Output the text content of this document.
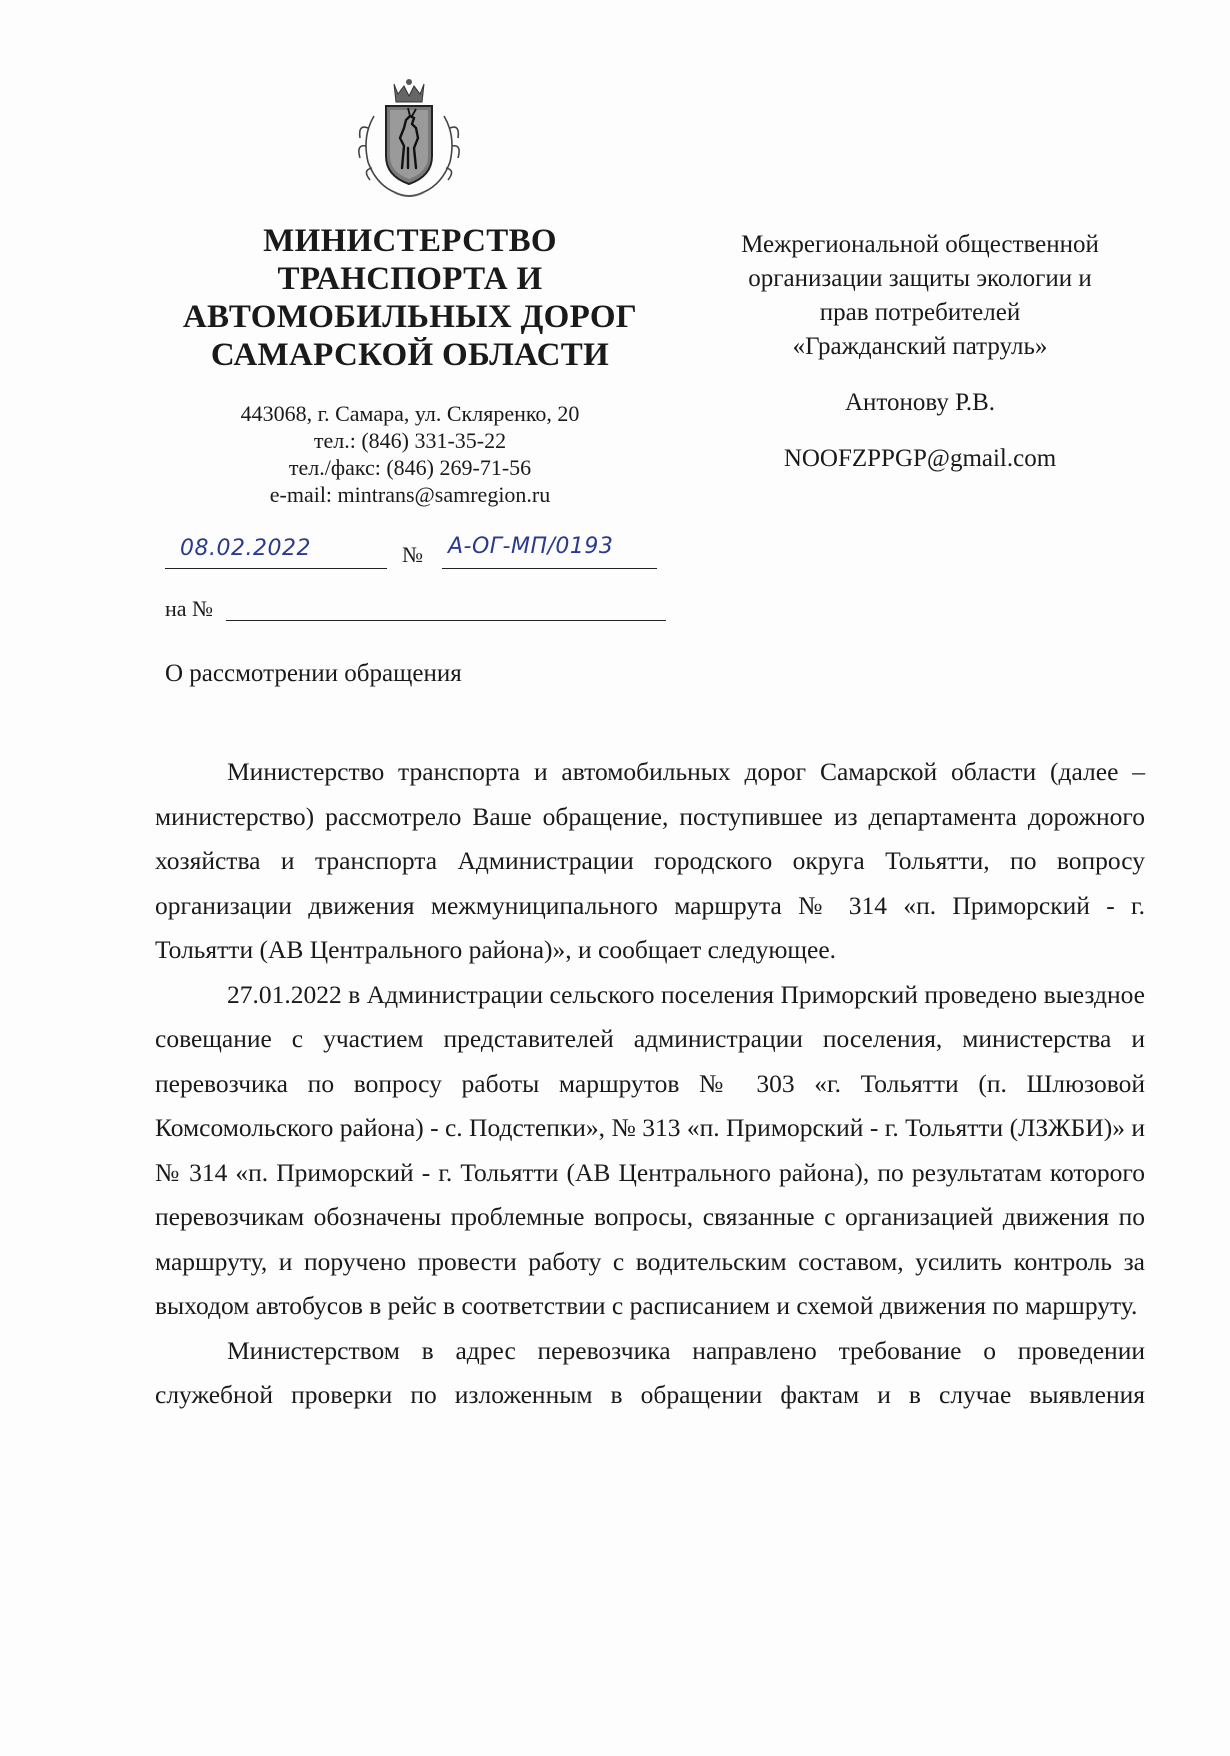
МИНИСТЕРСТВО
ТРАНСПОРТА И
АВТОМОБИЛЬНЫХ ДОРОГ
САМАРСКОЙ ОБЛАСТИ
443068, г. Самара, ул. Скляренко, 20
тел.: (846) 331-35-22
тел./факс: (846) 269-71-56
e-mail: mintrans@samregion.ru
08.02.2022	№ А-ОГ-МП/0193
на №
Межрегиональной общественной
организации защиты экологии и
прав потребителей
«Гражданский патруль»
Антонову Р.В.
NOOFZPPGP@gmail.com
О рассмотрении обращения

Министерство транспорта и автомобильных дорог Самарской области (далее – министерство) рассмотрело Ваше обращение, поступившее из департамента дорожного хозяйства и транспорта Администрации городского округа Тольятти, по вопросу организации движения межмуниципального маршрута № 314 «п. Приморский - г. Тольятти (АВ Центрального района)», и сообщает следующее.

27.01.2022 в Администрации сельского поселения Приморский проведено выездное совещание с участием представителей администрации поселения, министерства и перевозчика по вопросу работы маршрутов № 303 «г. Тольятти (п. Шлюзовой Комсомольского района) - с. Подстепки», № 313 «п. Приморский - г. Тольятти (ЛЗЖБИ)» и № 314 «п. Приморский - г. Тольятти (АВ Центрального района), по результатам которого перевозчикам обозначены проблемные вопросы, связанные с организацией движения по маршруту, и поручено провести работу с водительским составом, усилить контроль за выходом автобусов в рейс в соответствии с расписанием и схемой движения по маршруту.

Министерством в адрес перевозчика направлено требование о проведении служебной проверки по изложенным в обращении фактам и в случае выявления
